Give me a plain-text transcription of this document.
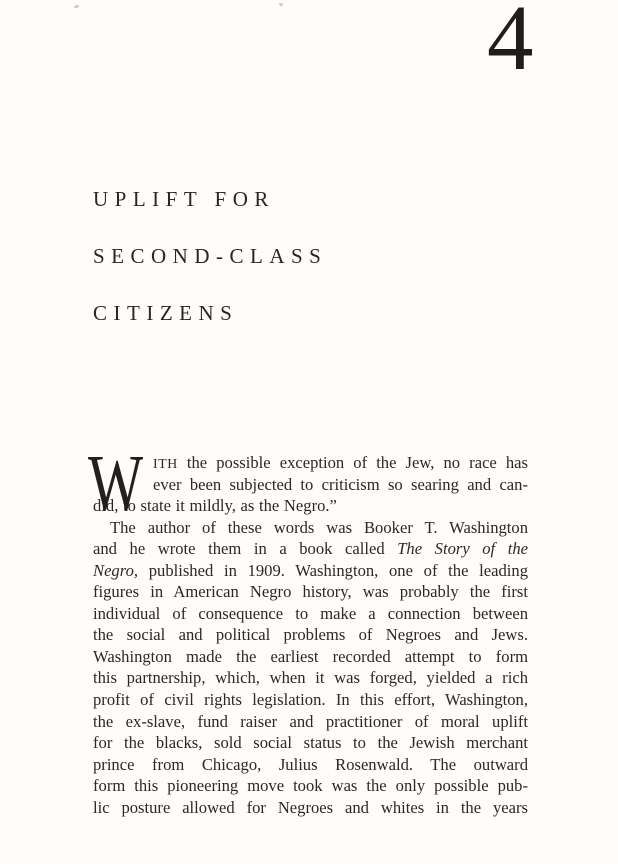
4
UPLIFT FOR
SECOND-CLASS
CITIZENS
W ITH the possible exception of the Jew, no race has
ever been subjected to criticism so searing and can-
did, to state it mildly, as the Negro.”
The author of these words was Booker T. Washington
and he wrote them in a book called The Story of the
Negro, published in 1909. Washington, one of the leading
figures in American Negro history, was probably the first
individual of consequence to make a connection between
the social and political problems of Negroes and Jews.
Washington made the earliest recorded attempt to form
this partnership, which, when it was forged, yielded a rich
profit of civil rights legislation. In this effort, Washington,
the ex-slave, fund raiser and practitioner of moral uplift
for the blacks, sold social status to the Jewish merchant
prince from Chicago, Julius Rosenwald. The outward
form this pioneering move took was the only possible pub-
lic posture allowed for Negroes and whites in the years
